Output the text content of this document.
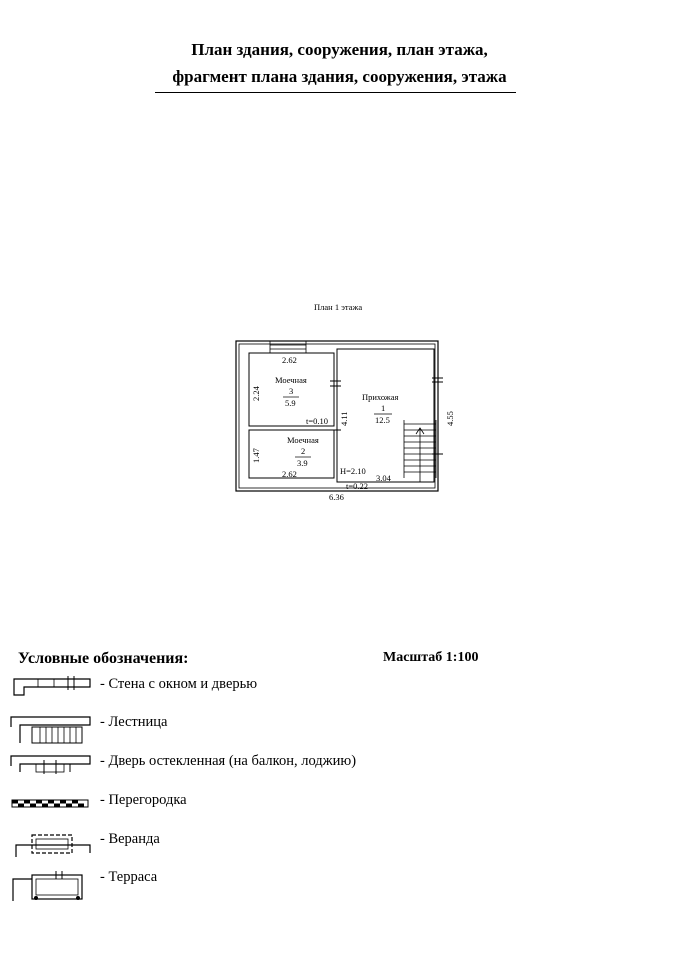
План здания, сооружения, план этажа,
фрагмент плана здания, сооружения, этажа
План 1 этажа
Моечная
3
5.9
Моечная
2
3.9
Прихожая
1
12.5
2.62
2.24
t=0.10
1.47
2.62
4.11	4.55
H=2.10
t=0.22
3.04
6.36
Условные обозначения:	Масштаб 1:100
- Стена с окном и дверью
- Лестница
- Дверь остекленная (на балкон, лоджию)
- Перегородка
- Веранда
- Терраса
